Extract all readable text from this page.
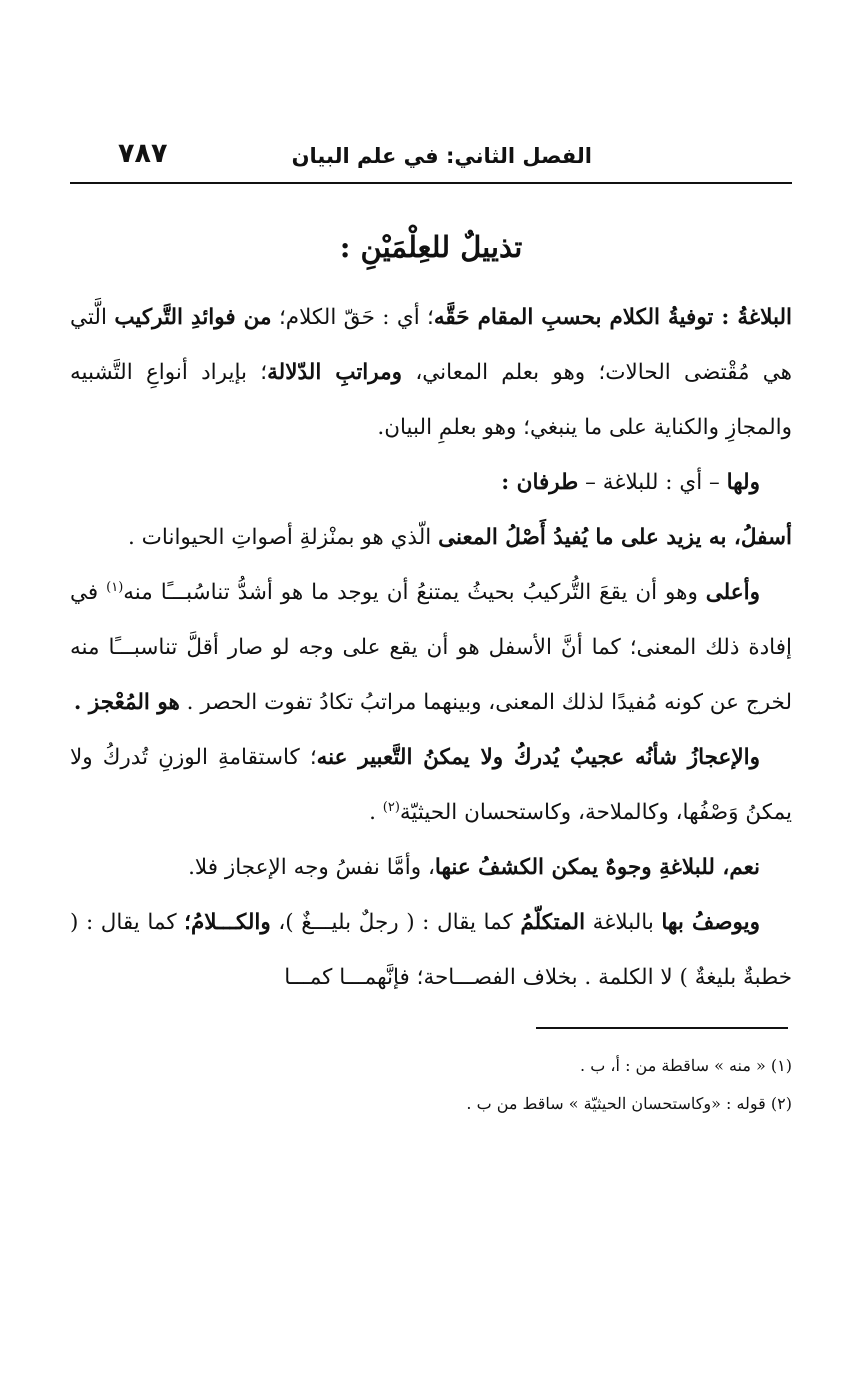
الفصل الثاني: في علم البيان
٧٨٧
تذييلٌ للعِلْمَيْنِ :

البلاغةُ : توفيةُ الكلام بحسبِ المقام حَقَّه؛ أي : حَقّ الكلام؛ من فوائدِ التَّركيب الَّتي هي مُقْتضى الحالات؛ وهو بعلم المعاني، ومراتبِ الدّلالة؛ بإيراد أنواعِ التَّشبيه والمجازِ والكناية على ما ينبغي؛ وهو بعلمِ البيان.

ولها – أي : للبلاغة – طرفان :

أسفلُ، به يزيد على ما يُفيدُ أَصْلُ المعنى الّذي هو بمنْزلةِ أصواتِ الحيوانات .

وأعلى وهو أن يقعَ التُّركيبُ بحيثُ يمتنعُ أن يوجد ما هو أشدُّ تناسُبـــًا منه$^{(١)}$ في إفادة ذلك المعنى؛ كما أنَّ الأسفل هو أن يقع على وجه لو صار أقلَّ تناسبـــًا منه لخرج عن كونه مُفيدًا لذلك المعنى، وبينهما مراتبُ تكادُ تفوت الحصر . هو المُعْجز .

والإعجازُ شأنُه عجيبٌ يُدركُ ولا يمكنُ التَّعبير عنه؛ كاستقامةِ الوزنِ تُدركُ ولا يمكنُ وَصْفُها، وكالملاحة، وكاستحسان الحيثيّة$^{(٢)}$ .

نعم، للبلاغةِ وجوهٌ يمكن الكشفُ عنها، وأمَّا نفسُ وجه الإعجاز فلا.

ويوصفُ بها بالبلاغة المتكلّمُ كما يقال : ( رجلٌ بليـــغٌ )، والكـــلامُ؛ كما يقال : ( خطبةٌ بليغةٌ ) لا الكلمة . بخلاف الفصـــاحة؛ فإنَّهمـــا كمـــا

(١) « منه » ساقطة من : أ، ب .

(٢) قوله : «وكاستحسان الحيثيّة » ساقط من ب .
